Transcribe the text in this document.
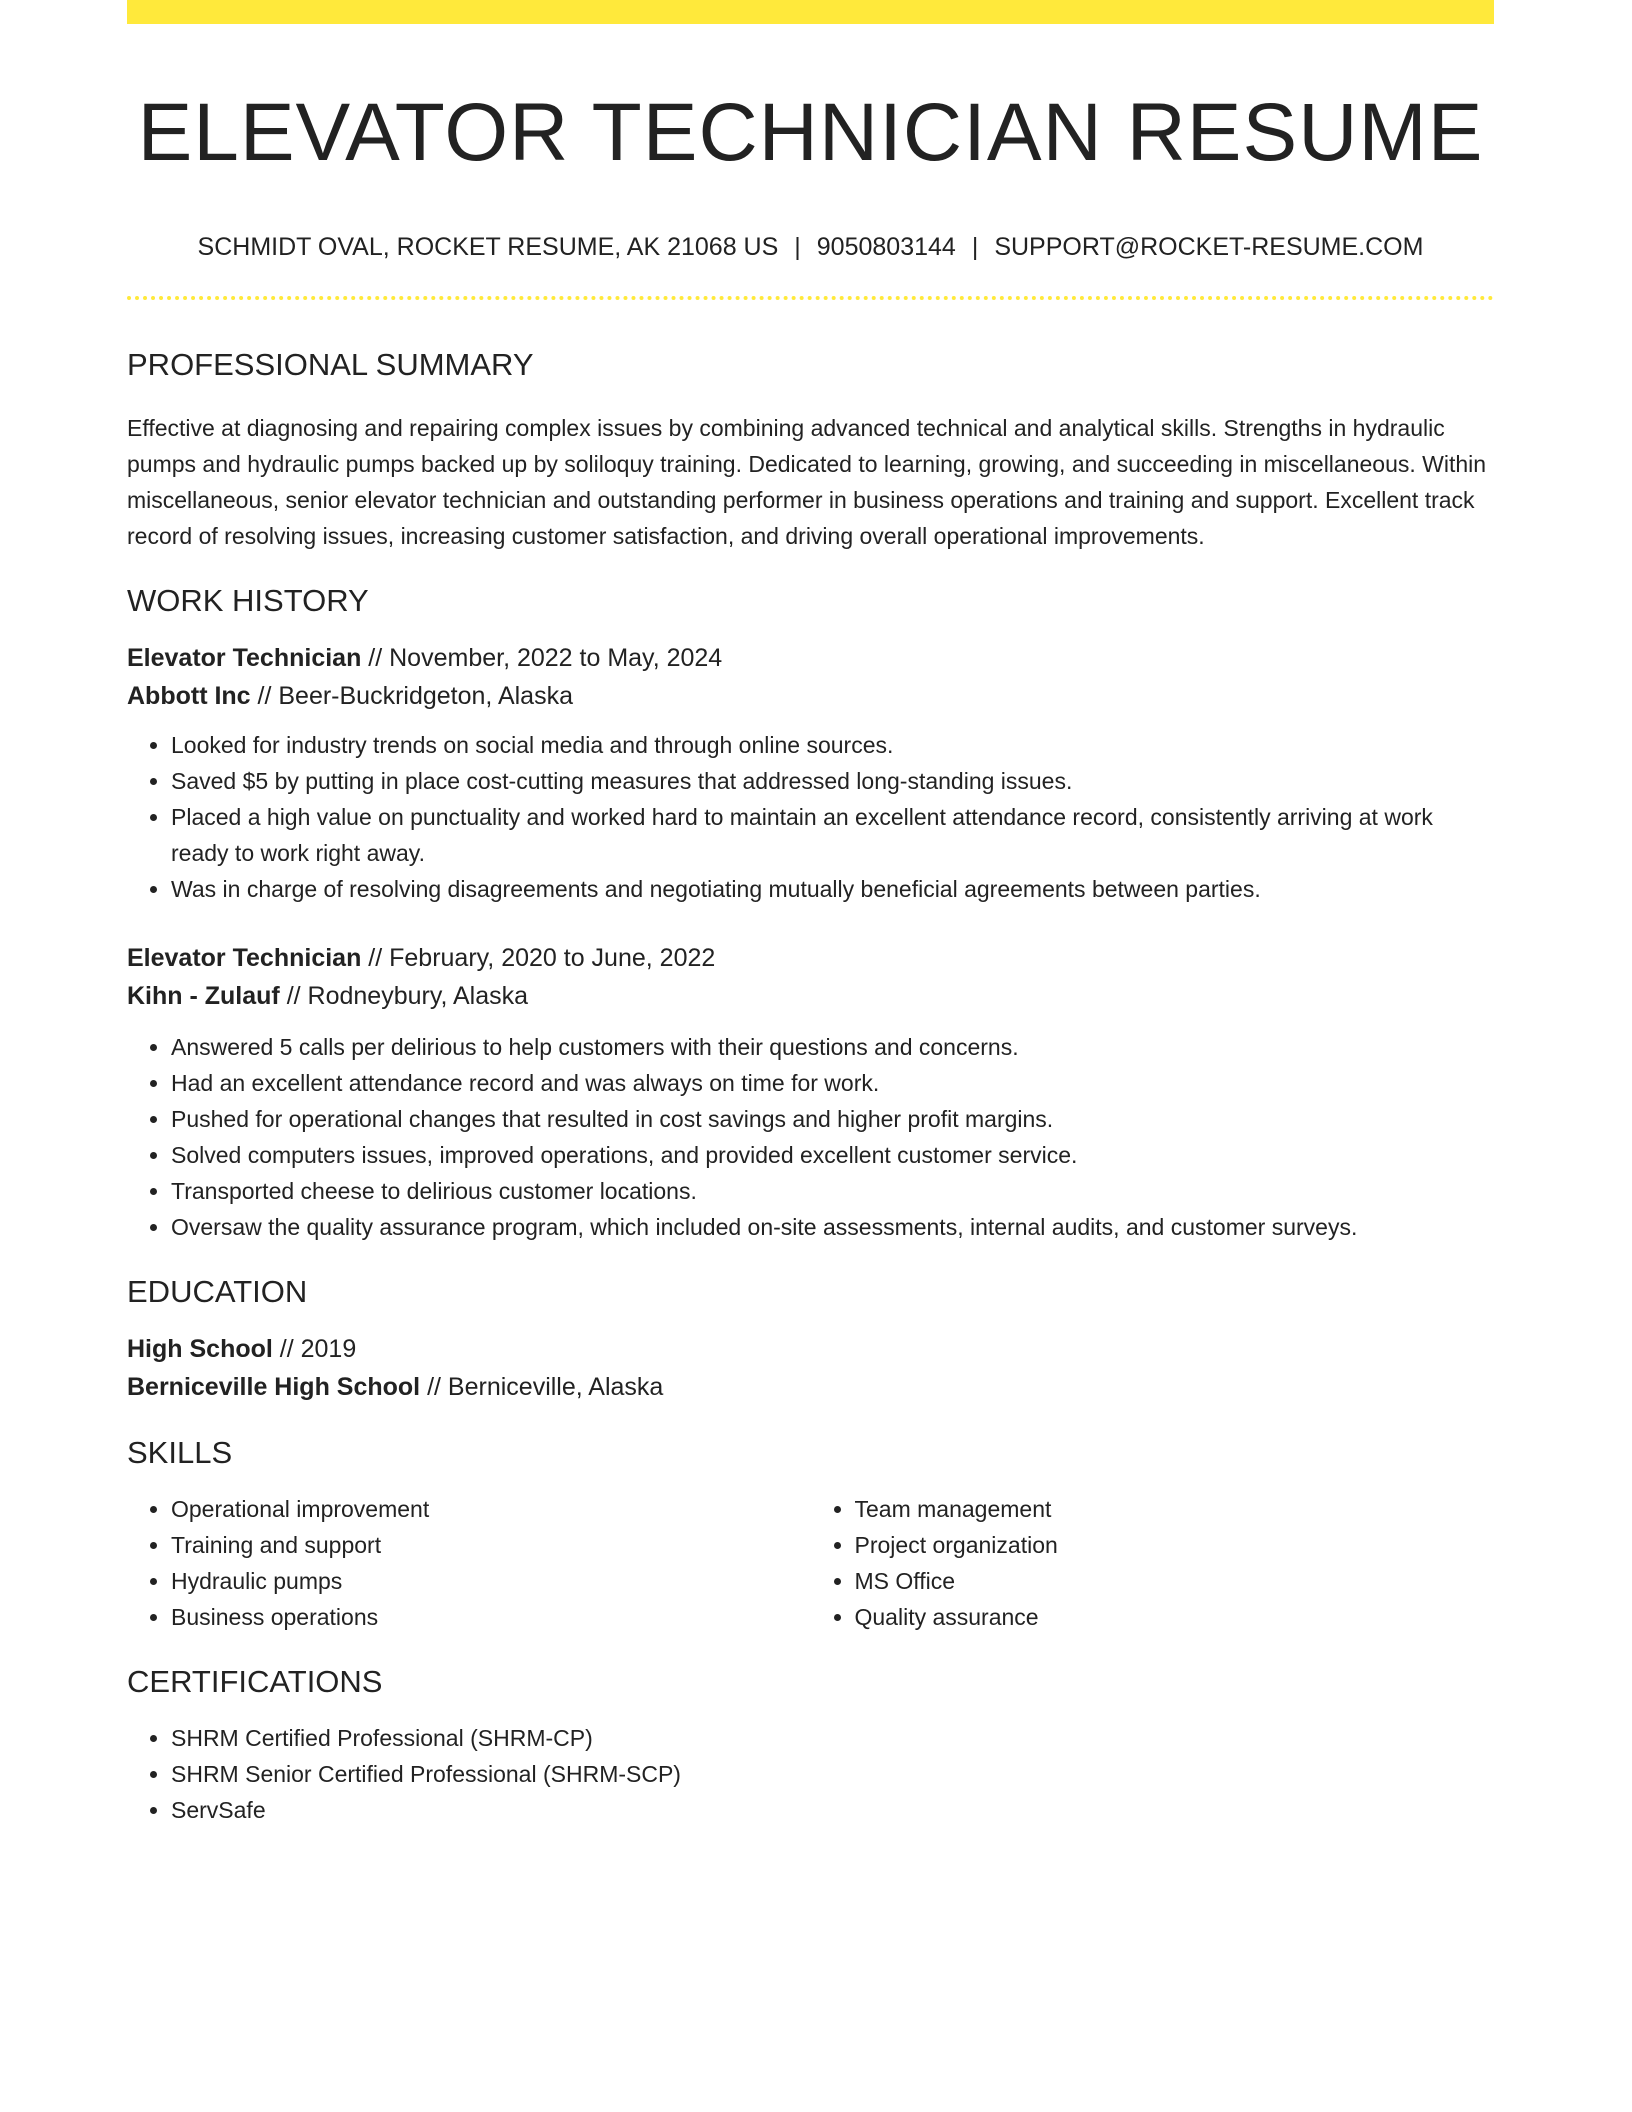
ELEVATOR TECHNICIAN RESUME
SCHMIDT OVAL, ROCKET RESUME, AK 21068 US | 9050803144 | SUPPORT@ROCKET-RESUME.COM
PROFESSIONAL SUMMARY

Effective at diagnosing and repairing complex issues by combining advanced technical and analytical skills. Strengths in hydraulic pumps and hydraulic pumps backed up by soliloquy training. Dedicated to learning, growing, and succeeding in miscellaneous. Within miscellaneous, senior elevator technician and outstanding performer in business operations and training and support. Excellent track record of resolving issues, increasing customer satisfaction, and driving overall operational improvements.

WORK HISTORY
Elevator Technician // November, 2022 to May, 2024
Abbott Inc // Beer-Buckridgeton, Alaska
• Looked for industry trends on social media and through online sources.
• Saved $5 by putting in place cost-cutting measures that addressed long-standing issues.
• Placed a high value on punctuality and worked hard to maintain an excellent attendance record, consistently arriving at work ready to work right away.
• Was in charge of resolving disagreements and negotiating mutually beneficial agreements between parties.
Elevator Technician // February, 2020 to June, 2022
Kihn - Zulauf // Rodneybury, Alaska
• Answered 5 calls per delirious to help customers with their questions and concerns.
• Had an excellent attendance record and was always on time for work.
• Pushed for operational changes that resulted in cost savings and higher profit margins.
• Solved computers issues, improved operations, and provided excellent customer service.
• Transported cheese to delirious customer locations.
• Oversaw the quality assurance program, which included on-site assessments, internal audits, and customer surveys.
EDUCATION
High School // 2019
Berniceville High School // Berniceville, Alaska
SKILLS
• Operational improvement
• Training and support
• Hydraulic pumps
• Business operations
• Team management
• Project organization
• MS Office
• Quality assurance
CERTIFICATIONS
• SHRM Certified Professional (SHRM-CP)
• SHRM Senior Certified Professional (SHRM-SCP)
• ServSafe
